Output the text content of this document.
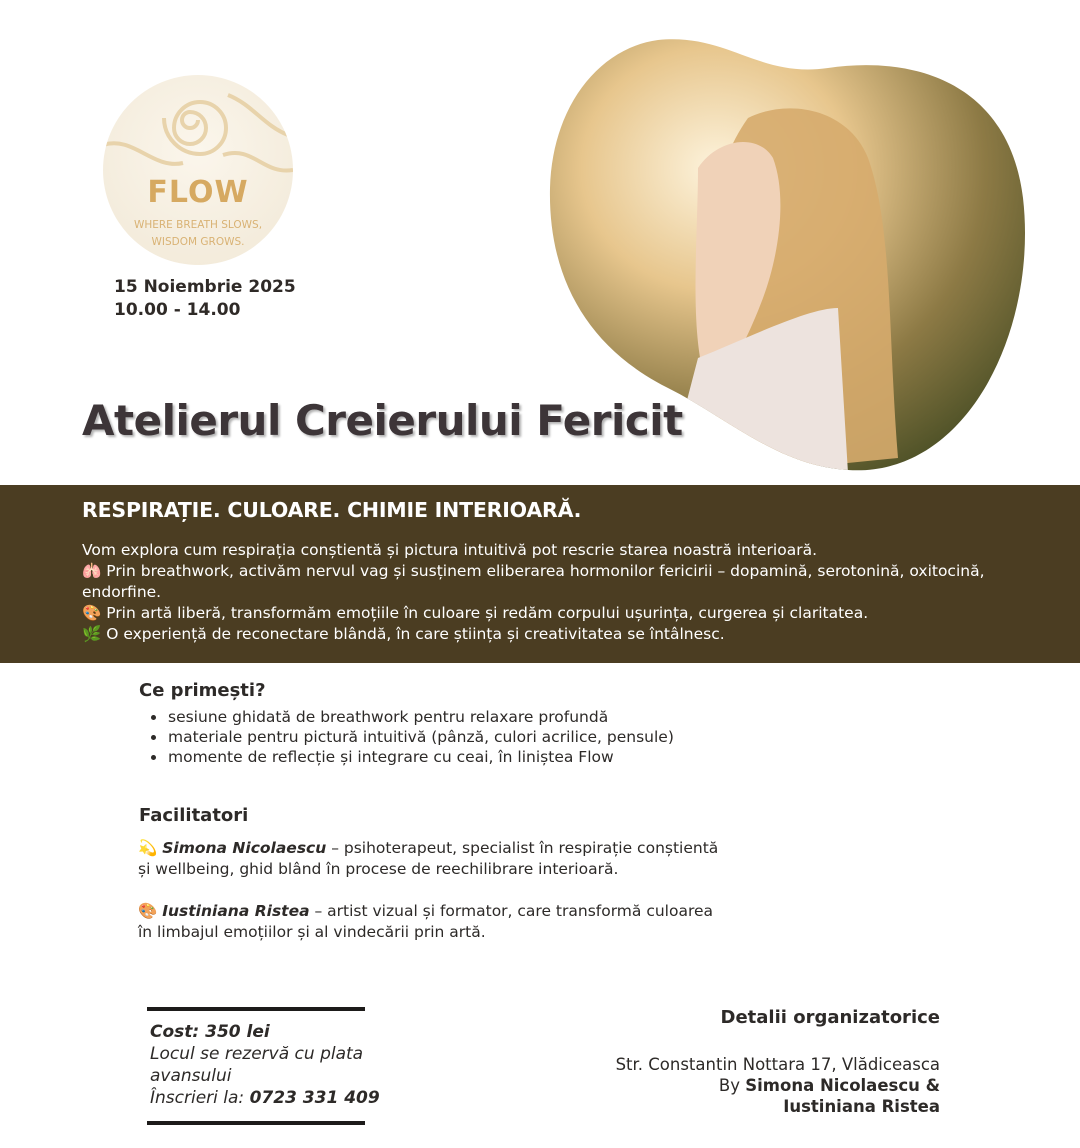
FLOW
WHERE BREATH SLOWS,
WISDOM GROWS.
15 Noiembrie 2025
10.00 - 14.00
Atelierul Creierului Fericit
RESPIRAȚIE. CULOARE. CHIMIE INTERIOARĂ.
Vom explora cum respirația conștientă și pictura intuitivă pot rescrie starea noastră interioară.
🫁 Prin breathwork, activăm nervul vag și susținem eliberarea hormonilor fericirii – dopamină, serotonină, oxitocină, endorfine.
🎨 Prin artă liberă, transformăm emoțiile în culoare și redăm corpului ușurința, curgerea și claritatea.
🌿 O experiență de reconectare blândă, în care știința și creativitatea se întâlnesc.
Ce primești?
sesiune ghidată de breathwork pentru relaxare profundă
materiale pentru pictură intuitivă (pânză, culori acrilice, pensule)
momente de reflecție și integrare cu ceai, în liniștea Flow
Facilitatori
💫 Simona Nicolaescu – psihoterapeut, specialist în respirație conștientă
și wellbeing, ghid blând în procese de reechilibrare interioară.
🎨 Iustiniana Ristea – artist vizual și formator, care transformă culoarea
în limbajul emoțiilor și al vindecării prin artă.
Cost: 350 lei
Locul se rezervă cu plata avansului
Înscrieri la: 0723 331 409
Detalii organizatorice
Str. Constantin Nottara 17, Vlădiceasca
By Simona Nicolaescu &
Iustiniana Ristea
